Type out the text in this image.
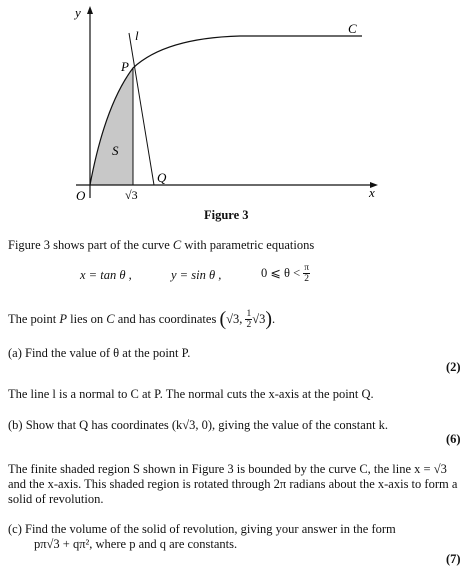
y
x
O
C
l
P
Q
S
√3
Figure 3
Figure 3 shows part of the curve C with parametric equations
x = tan θ ,	y = sin θ ,	0 ⩽ $\theta < \frac{\pi}{2}$
The point P lies on C and has coordinates (√3, $\frac{1}{2} √3$).
(a) Find the value of θ at the point P.
(2)
The line l is a normal to C at P. The normal cuts the x-axis at the point Q.
(b) Show that Q has coordinates (k√3, 0), giving the value of the constant k.
(6)
The finite shaded region S shown in Figure 3 is bounded by the curve C, the line x = √3
and the x-axis. This shaded region is rotated through 2π radians about the x-axis to form a
solid of revolution.
(c) Find the volume of the solid of revolution, giving your answer in the form
pπ√3 + qπ², where p and q are constants.
(7)
